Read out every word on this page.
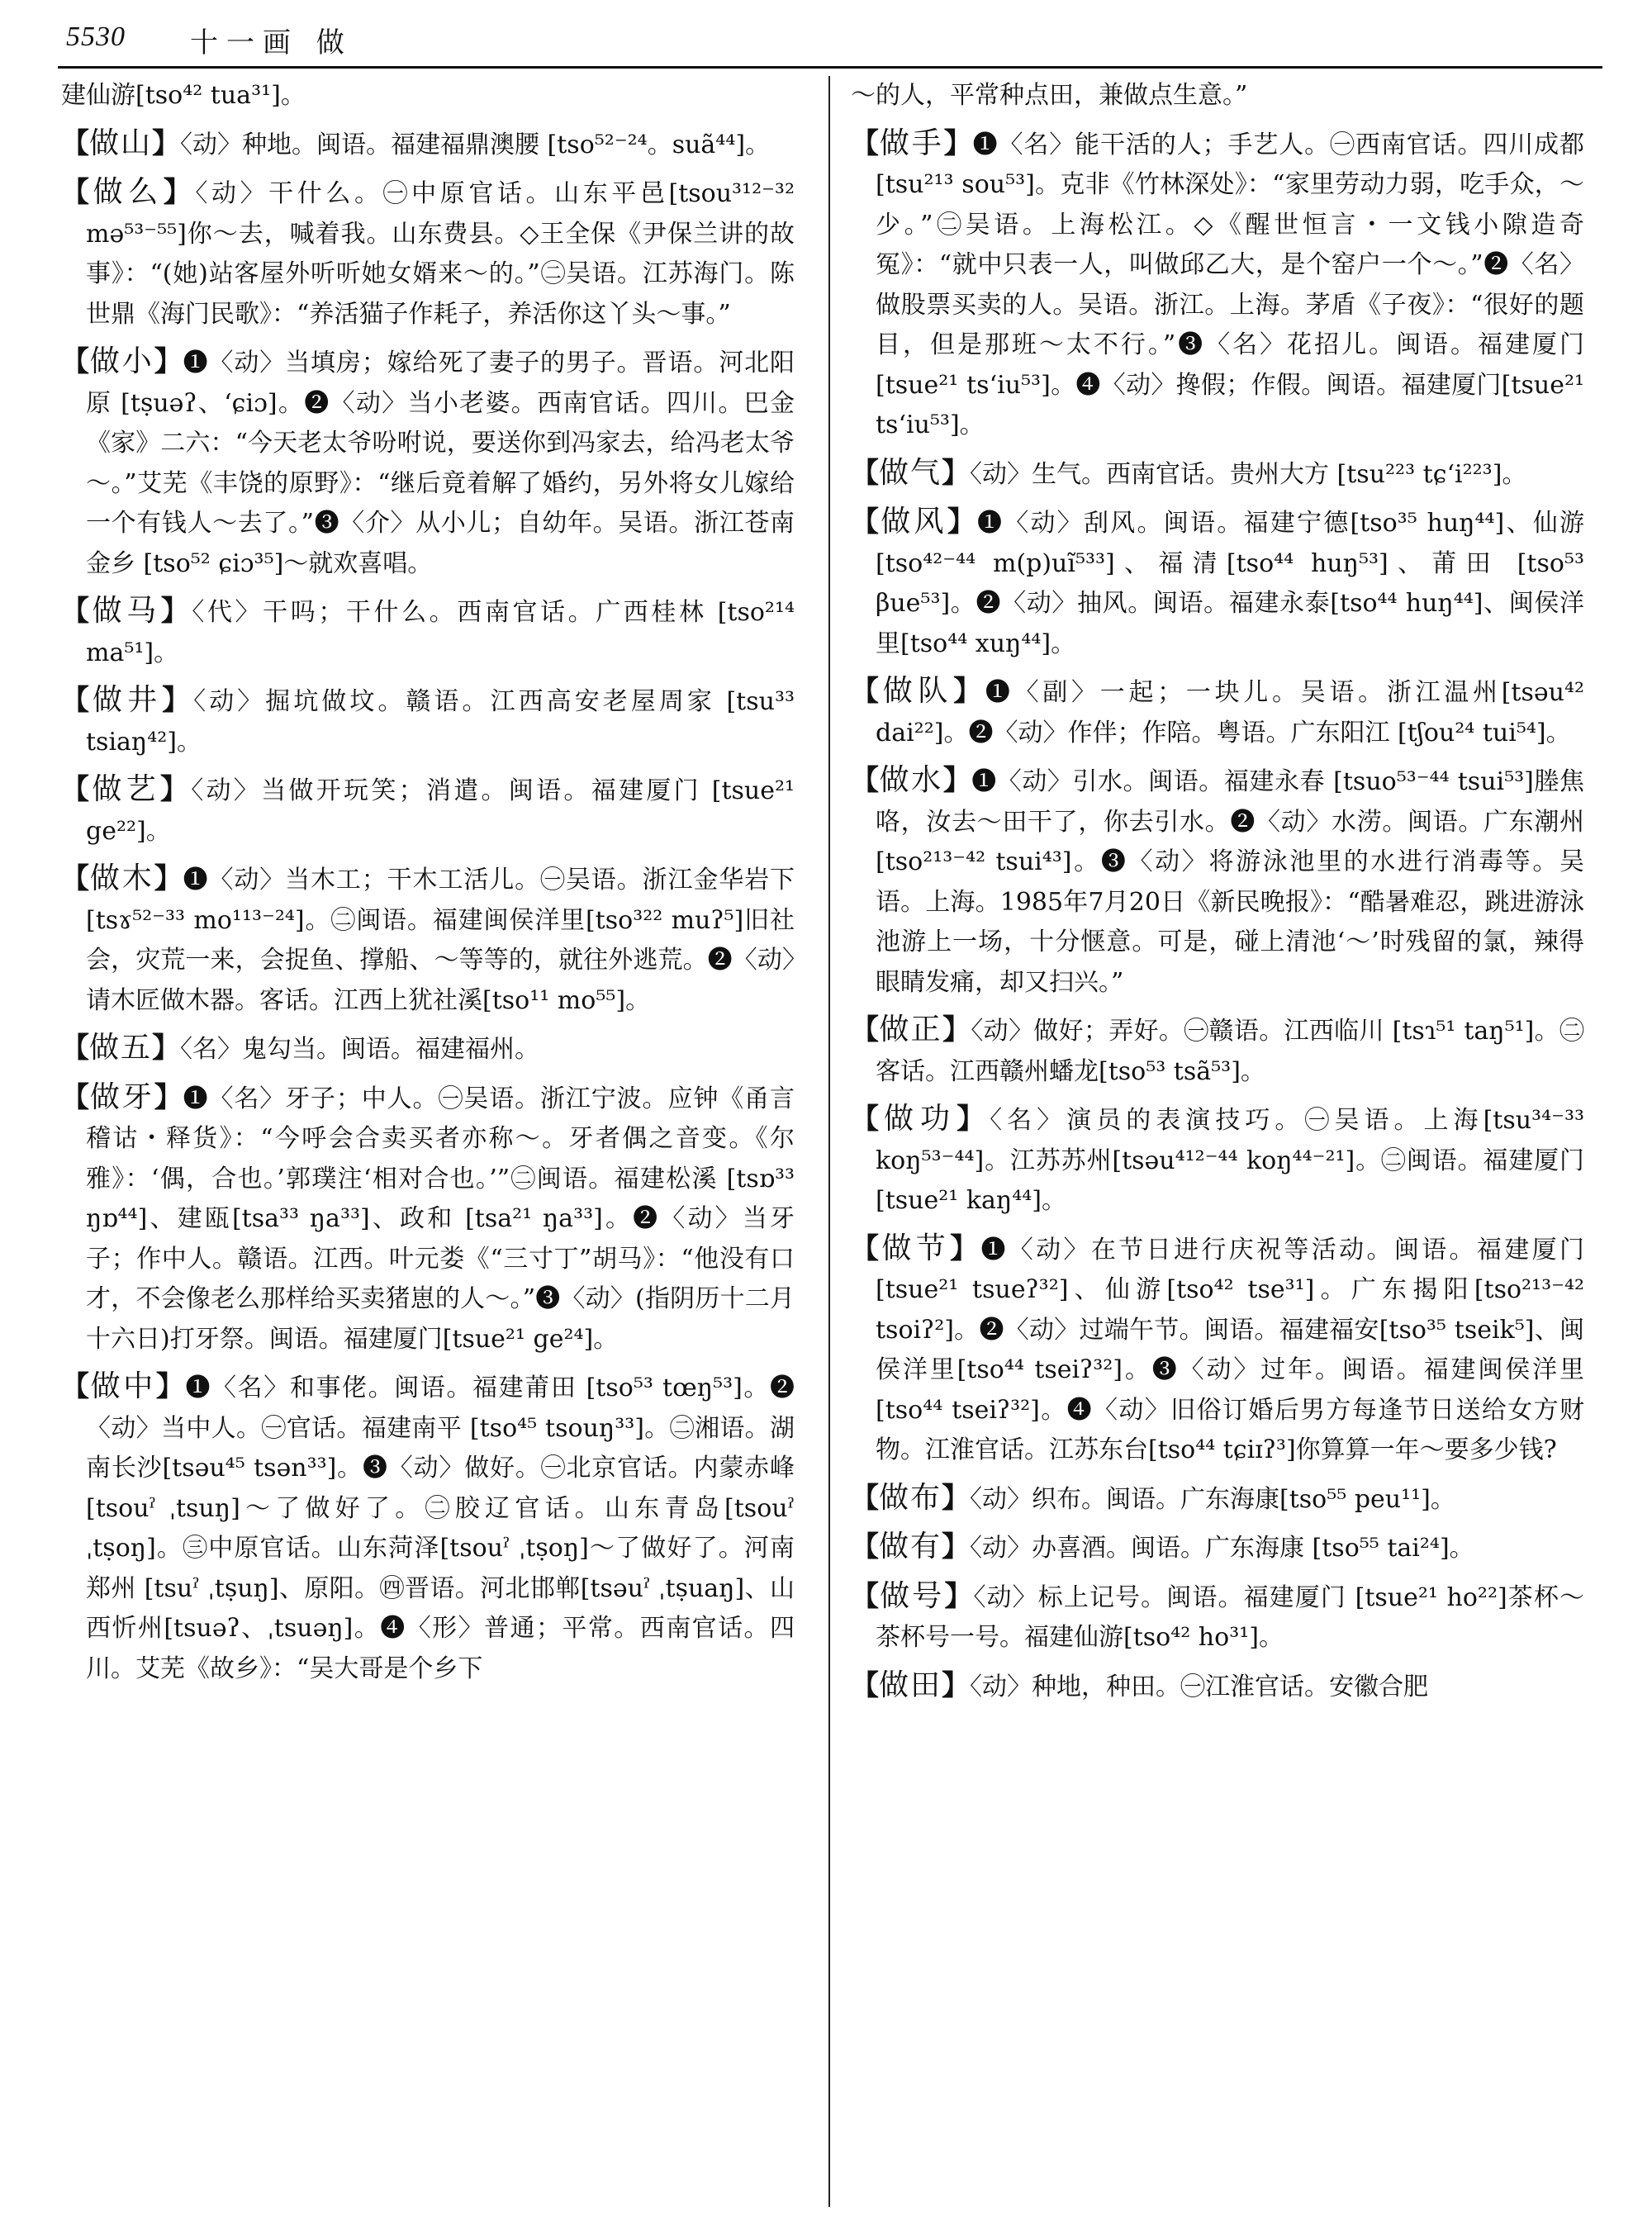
5530 十一画 做
建仙游[tso⁴² tua³¹]。
【做山】〈动〉种地。闽语。福建福鼎澳腰 [tso⁵²⁻²⁴。suã⁴⁴]。
【做么】〈动〉干什么。㊀中原官话。山东平邑[tsou³¹²⁻³² mə⁵³⁻⁵⁵]你～去，喊着我。山东费县。◇王全保《尹保兰讲的故事》：“(她)站客屋外听听她女婿来～的。”㊁吴语。江苏海门。陈世鼎《海门民歌》：“养活猫子作耗子，养活你这丫头～事。”
【做小】❶〈动〉当填房；嫁给死了妻子的男子。晋语。河北阳原 [tṣuəʔ、ʻɕiɔ]。❷〈动〉当小老婆。西南官话。四川。巴金《家》二六：“今天老太爷吩咐说，要送你到冯家去，给冯老太爷～。”艾芜《丰饶的原野》：“继后竟着解了婚约，另外将女儿嫁给一个有钱人～去了。”❸〈介〉从小儿；自幼年。吴语。浙江苍南金乡 [tso⁵² ɕiɔ³⁵]～就欢喜唱。
【做马】〈代〉干吗；干什么。西南官话。广西桂林 [tso²¹⁴ ma⁵¹]。
【做井】〈动〉掘坑做坟。赣语。江西高安老屋周家 [tsu³³ tsiaŋ⁴²]。
【做艺】〈动〉当做开玩笑；消遣。闽语。福建厦门 [tsue²¹ ge²²]。
【做木】❶〈动〉当木工；干木工活儿。㊀吴语。浙江金华岩下 [tsɤ⁵²⁻³³ mo¹¹³⁻²⁴]。㊁闽语。福建闽侯洋里[tso³²² muʔ⁵]旧社会，灾荒一来，会捉鱼、撑船、～等等的，就往外逃荒。❷〈动〉请木匠做木器。客话。江西上犹社溪[tso¹¹ mo⁵⁵]。
【做五】〈名〉鬼勾当。闽语。福建福州。
【做牙】❶〈名〉牙子；中人。㊀吴语。浙江宁波。应钟《甬言稽诂・释货》：“今呼会合卖买者亦称～。牙者偶之音变。《尔雅》：‘偶，合也。’郭璞注‘相对合也。’”㊁闽语。福建松溪 [tsɒ³³ ŋɒ⁴⁴]、建瓯[tsa³³ ŋa³³]、政和 [tsa²¹ ŋa³³]。❷〈动〉当牙子；作中人。赣语。江西。叶元娄《“三寸丁”胡马》：“他没有口才，不会像老么那样给买卖猪崽的人～。”❸〈动〉(指阴历十二月十六日)打牙祭。闽语。福建厦门[tsue²¹ ge²⁴]。
【做中】❶〈名〉和事佬。闽语。福建莆田 [tso⁵³ tœŋ⁵³]。❷〈动〉当中人。㊀官话。福建南平 [tso⁴⁵ tsouŋ³³]。㊁湘语。湖南长沙[tsəu⁴⁵ tsən³³]。❸〈动〉做好。㊀北京官话。内蒙赤峰[tsouˀ ˌtsuŋ]～了做好了。㊁胶辽官话。山东青岛[tsouˀ ˌtṣoŋ]。㊂中原官话。山东菏泽[tsouˀ ˌtṣoŋ]～了做好了。河南郑州 [tsuˀ ˌtṣuŋ]、原阳。㊃晋语。河北邯郸[tsəuˀ ˌtṣuaŋ]、山西忻州[tsuəʔ、ˌtsuəŋ]。❹〈形〉普通；平常。西南官话。四川。艾芜《故乡》：“吴大哥是个乡下
～的人，平常种点田，兼做点生意。”
【做手】❶〈名〉能干活的人；手艺人。㊀西南官话。四川成都 [tsu²¹³ sou⁵³]。克非《竹林深处》：“家里劳动力弱，吃手众，～少。”㊁吴语。上海松江。◇《醒世恒言・一文钱小隙造奇冤》：“就中只表一人，叫做邱乙大，是个窑户一个～。”❷〈名〉做股票买卖的人。吴语。浙江。上海。茅盾《子夜》：“很好的题目，但是那班～太不行。”❸〈名〉花招儿。闽语。福建厦门 [tsue²¹ tsʻiu⁵³]。❹〈动〉搀假；作假。闽语。福建厦门[tsue²¹ tsʻiu⁵³]。
【做气】〈动〉生气。西南官话。贵州大方 [tsu²²³ tɕʻi²²³]。
【做风】❶〈动〉刮风。闽语。福建宁德[tso³⁵ huŋ⁴⁴]、仙游[tso⁴²⁻⁴⁴ m(p)uĩ⁵³³]、福清[tso⁴⁴ huŋ⁵³]、莆田 [tso⁵³ βue⁵³]。❷〈动〉抽风。闽语。福建永泰[tso⁴⁴ huŋ⁴⁴]、闽侯洋里[tso⁴⁴ xuŋ⁴⁴]。
【做队】❶〈副〉一起；一块儿。吴语。浙江温州[tsəu⁴² dai²²]。❷〈动〉作伴；作陪。粤语。广东阳江 [tʃou²⁴ tui⁵⁴]。
【做水】❶〈动〉引水。闽语。福建永春 [tsuo⁵³⁻⁴⁴ tsui⁵³]塍焦咯，汝去～田干了，你去引水。❷〈动〉水涝。闽语。广东潮州[tso²¹³⁻⁴² tsui⁴³]。❸〈动〉将游泳池里的水进行消毒等。吴语。上海。1985年7月20日《新民晚报》：“酷暑难忍，跳进游泳池游上一场，十分惬意。可是，碰上清池‘～’时残留的氯，辣得眼睛发痛，却又扫兴。”
【做正】〈动〉做好；弄好。㊀赣语。江西临川 [tsɿ⁵¹ taŋ⁵¹]。㊁客话。江西赣州蟠龙[tso⁵³ tsã⁵³]。
【做功】〈名〉演员的表演技巧。㊀吴语。上海[tsu³⁴⁻³³ koŋ⁵³⁻⁴⁴]。江苏苏州[tsəu⁴¹²⁻⁴⁴ koŋ⁴⁴⁻²¹]。㊁闽语。福建厦门[tsue²¹ kaŋ⁴⁴]。
【做节】❶〈动〉在节日进行庆祝等活动。闽语。福建厦门[tsue²¹ tsueʔ³²]、仙游[tso⁴² tse³¹]。广东揭阳[tso²¹³⁻⁴² tsoiʔ²]。❷〈动〉过端午节。闽语。福建福安[tso³⁵ tseik⁵]、闽侯洋里[tso⁴⁴ tseiʔ³²]。❸〈动〉过年。闽语。福建闽侯洋里 [tso⁴⁴ tseiʔ³²]。❹〈动〉旧俗订婚后男方每逢节日送给女方财物。江淮官话。江苏东台[tso⁴⁴ tɕiɪʔ³]你算算一年～要多少钱?
【做布】〈动〉织布。闽语。广东海康[tso⁵⁵ peu¹¹]。
【做有】〈动〉办喜酒。闽语。广东海康 [tso⁵⁵ tai²⁴]。
【做号】〈动〉标上记号。闽语。福建厦门 [tsue²¹ ho²²]茶杯～茶杯号一号。福建仙游[tso⁴² ho³¹]。
【做田】〈动〉种地，种田。㊀江淮官话。安徽合肥
